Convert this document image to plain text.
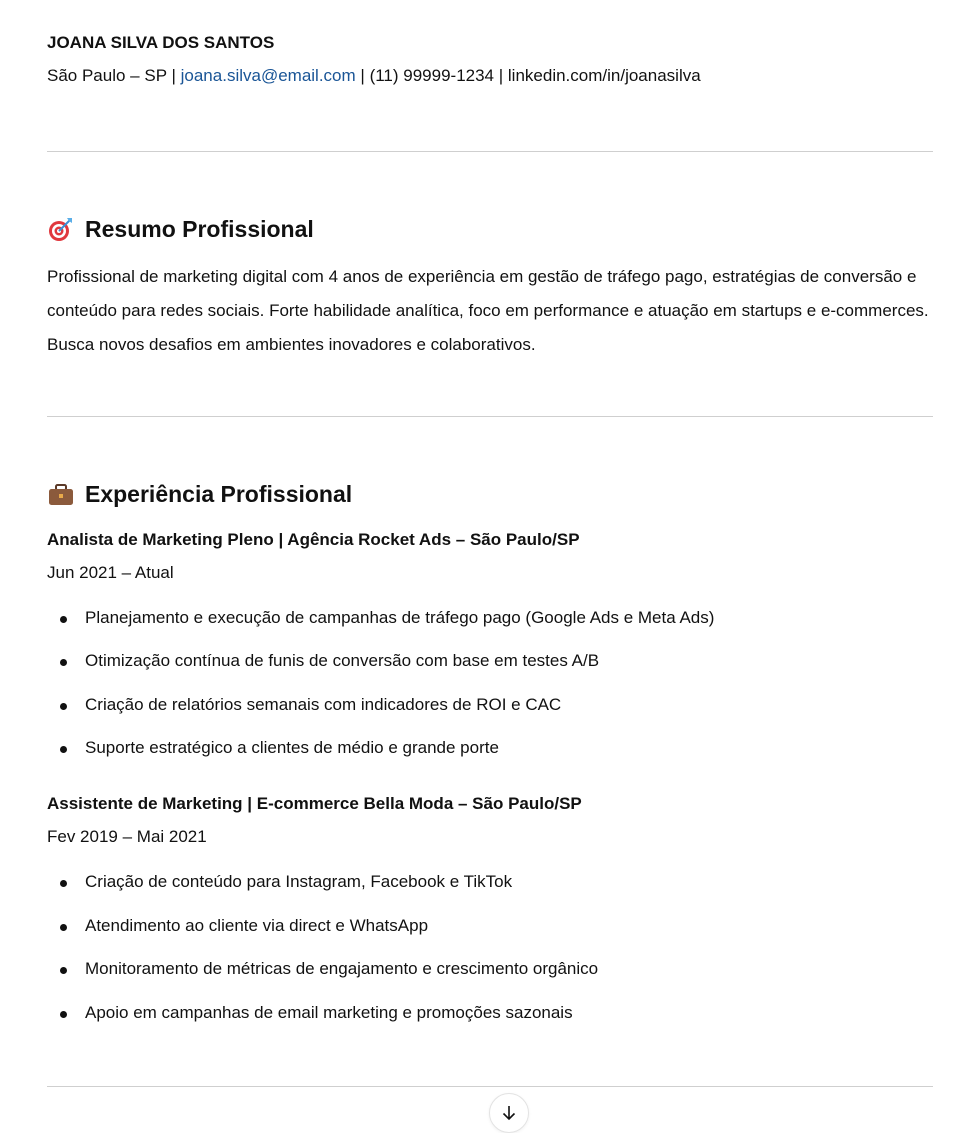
JOANA SILVA DOS SANTOS
São Paulo – SP | joana.silva@email.com | (11) 99999-1234 | linkedin.com/in/joanasilva
Resumo Profissional
Profissional de marketing digital com 4 anos de experiência em gestão de tráfego pago, estratégias de conversão e conteúdo para redes sociais. Forte habilidade analítica, foco em performance e atuação em startups e e-commerces. Busca novos desafios em ambientes inovadores e colaborativos.
Experiência Profissional
Analista de Marketing Pleno | Agência Rocket Ads – São Paulo/SP
Jun 2021 – Atual
Planejamento e execução de campanhas de tráfego pago (Google Ads e Meta Ads)
Otimização contínua de funis de conversão com base em testes A/B
Criação de relatórios semanais com indicadores de ROI e CAC
Suporte estratégico a clientes de médio e grande porte
Assistente de Marketing | E-commerce Bella Moda – São Paulo/SP
Fev 2019 – Mai 2021
Criação de conteúdo para Instagram, Facebook e TikTok
Atendimento ao cliente via direct e WhatsApp
Monitoramento de métricas de engajamento e crescimento orgânico
Apoio em campanhas de email marketing e promoções sazonais
